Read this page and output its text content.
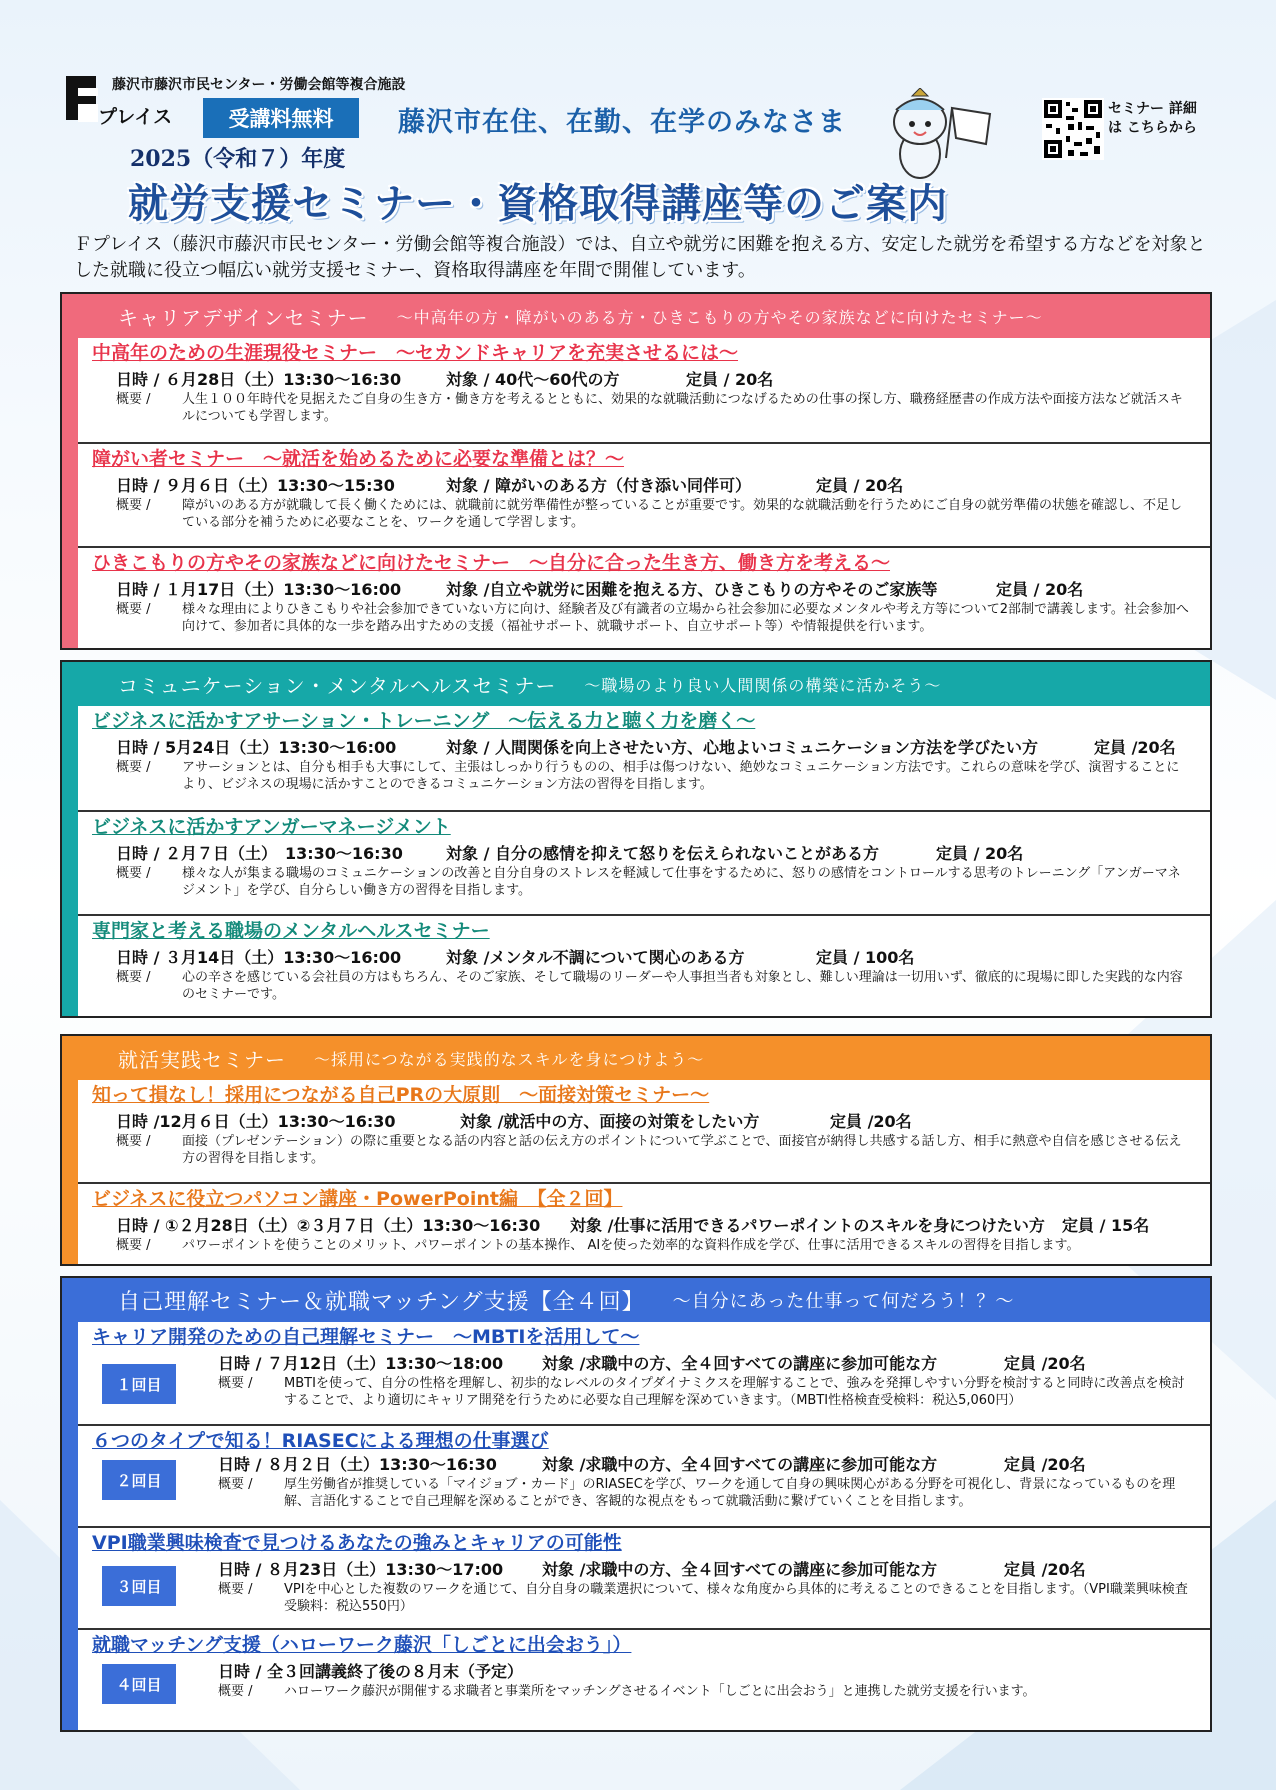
藤沢市藤沢市民センター・労働会館等複合施設
プレイス	受講料無料	藤沢市在住、在勤、在学のみなさま
2025（令和７）年度
就労支援セミナー・資格取得講座等のご案内
セミナー 詳細は こちらから
Ｆプレイス（藤沢市藤沢市民センター・労働会館等複合施設）では、自立や就労に困難を抱える方、安定した就労を希望する方などを対象とした就職に役立つ幅広い就労支援セミナー、資格取得講座を年間で開催しています。
キャリアデザインセミナー ～中高年の方・障がいのある方・ひきこもりの方やその家族などに向けたセミナー～
中高年のための生涯現役セミナー　～セカンドキャリアを充実させるには～
日時 / ６月28日（土）13:30～16:30	対象 / 40代～60代の方	定員 / 20名
概要 /人生１００年時代を見据えたご自身の生き方・働き方を考えるとともに、効果的な就職活動につなげるための仕事の探し方、職務経歴書の作成方法や面接方法など就活スキルについても学習します。
障がい者セミナー　～就活を始めるために必要な準備とは？～
日時 / ９月６日（土）13:30～15:30	対象 / 障がいのある方（付き添い同伴可）	定員 / 20名
概要 /障がいのある方が就職して長く働くためには、就職前に就労準備性が整っていることが重要です。効果的な就職活動を行うためにご自身の就労準備の状態を確認し、不足している部分を補うために必要なことを、ワークを通して学習します。
ひきこもりの方やその家族などに向けたセミナー　～自分に合った生き方、働き方を考える～
日時 / １月17日（土）13:30～16:00	対象 /自立や就労に困難を抱える方、ひきこもりの方やそのご家族等	定員 / 20名
概要 /様々な理由によりひきこもりや社会参加できていない方に向け、経験者及び有識者の立場から社会参加に必要なメンタルや考え方等について2部制で講義します。社会参加へ向けて、参加者に具体的な一歩を踏み出すための支援（福祉サポート、就職サポート、自立サポート等）や情報提供を行います。
コミュニケーション・メンタルヘルスセミナー ～職場のより良い人間関係の構築に活かそう～
ビジネスに活かすアサーション・トレーニング　～伝える力と聴く力を磨く～
日時 / 5月24日（土）13:30～16:00	対象 / 人間関係を向上させたい方、心地よいコミュニケーション方法を学びたい方	定員 /20名
概要 /アサーションとは、自分も相手も大事にして、主張はしっかり行うものの、相手は傷つけない、絶妙なコミュニケーション方法です。これらの意味を学び、演習することにより、ビジネスの現場に活かすことのできるコミュニケーション方法の習得を目指します。
ビジネスに活かすアンガーマネージメント
日時 / ２月７日（土）　13:30～16:30	対象 / 自分の感情を抑えて怒りを伝えられないことがある方	定員 / 20名
概要 /様々な人が集まる職場のコミュニケーションの改善と自分自身のストレスを軽減して仕事をするために、怒りの感情をコントロールする思考のトレーニング「アンガーマネジメント」を学び、自分らしい働き方の習得を目指します。
専門家と考える職場のメンタルヘルスセミナー
日時 / ３月14日（土）13:30～16:00	対象 /メンタル不調について関心のある方	定員 / 100名
概要 /心の辛さを感じている会社員の方はもちろん、そのご家族、そして職場のリーダーや人事担当者も対象とし、難しい理論は一切用いず、徹底的に現場に即した実践的な内容のセミナーです。
就活実践セミナー ～採用につながる実践的なスキルを身につけよう～
知って損なし！採用につながる自己PRの大原則　～面接対策セミナー～
日時 /12月６日（土）13:30～16:30	対象 /就活中の方、面接の対策をしたい方	定員 /20名
概要 /面接（プレゼンテーション）の際に重要となる話の内容と話の伝え方のポイントについて学ぶことで、面接官が納得し共感する話し方、相手に熱意や自信を感じさせる伝え方の習得を目指します。
ビジネスに役立つパソコン講座・PowerPoint編　【全２回】
日時 / ①２月28日（土）②３月７日（土）13:30～16:30 対象 /仕事に活用できるパワーポイントのスキルを身につけたい方 定員 / 15名
概要 /パワーポイントを使うことのメリット、パワーポイントの基本操作、 AIを使った効率的な資料作成を学び、仕事に活用できるスキルの習得を目指します。
自己理解セミナー＆就職マッチング支援【全４回】 ～自分にあった仕事って何だろう！？～
１回目
キャリア開発のための自己理解セミナー　～MBTIを活用して～
日時 / ７月12日（土）13:30～18:00 対象 /求職中の方、全４回すべての講座に参加可能な方	定員 /20名
概要 /MBTIを使って、自分の性格を理解し、初歩的なレベルのタイプダイナミクスを理解することで、強みを発揮しやすい分野を検討すると同時に改善点を検討することで、より適切にキャリア開発を行うために必要な自己理解を深めていきます。（MBTI性格検査受検料：税込5,060円）
２回目
６つのタイプで知る！RIASECによる理想の仕事選び
日時 / ８月２日（土）13:30～16:30	対象 /求職中の方、全４回すべての講座に参加可能な方	定員 /20名
概要 /厚生労働省が推奨している「マイジョブ・カード」のRIASECを学び、ワークを通して自身の興味関心がある分野を可視化し、背景になっているものを理解、言語化することで自己理解を深めることができ、客観的な視点をもって就職活動に繋げていくことを目指します。
３回目
VPI職業興味検査で見つけるあなたの強みとキャリアの可能性
日時 / ８月23日（土）13:30～17:00 対象 /求職中の方、全４回すべての講座に参加可能な方	定員 /20名
概要 /VPIを中心とした複数のワークを通じて、自分自身の職業選択について、様々な角度から具体的に考えることのできることを目指します。（VPI職業興味検査受験料：税込550円）
４回目
就職マッチング支援（ハローワーク藤沢「しごとに出会おう」）
日時 / 全３回講義終了後の８月末（予定）
概要 /ハローワーク藤沢が開催する求職者と事業所をマッチングさせるイベント「しごとに出会おう」と連携した就労支援を行います。
